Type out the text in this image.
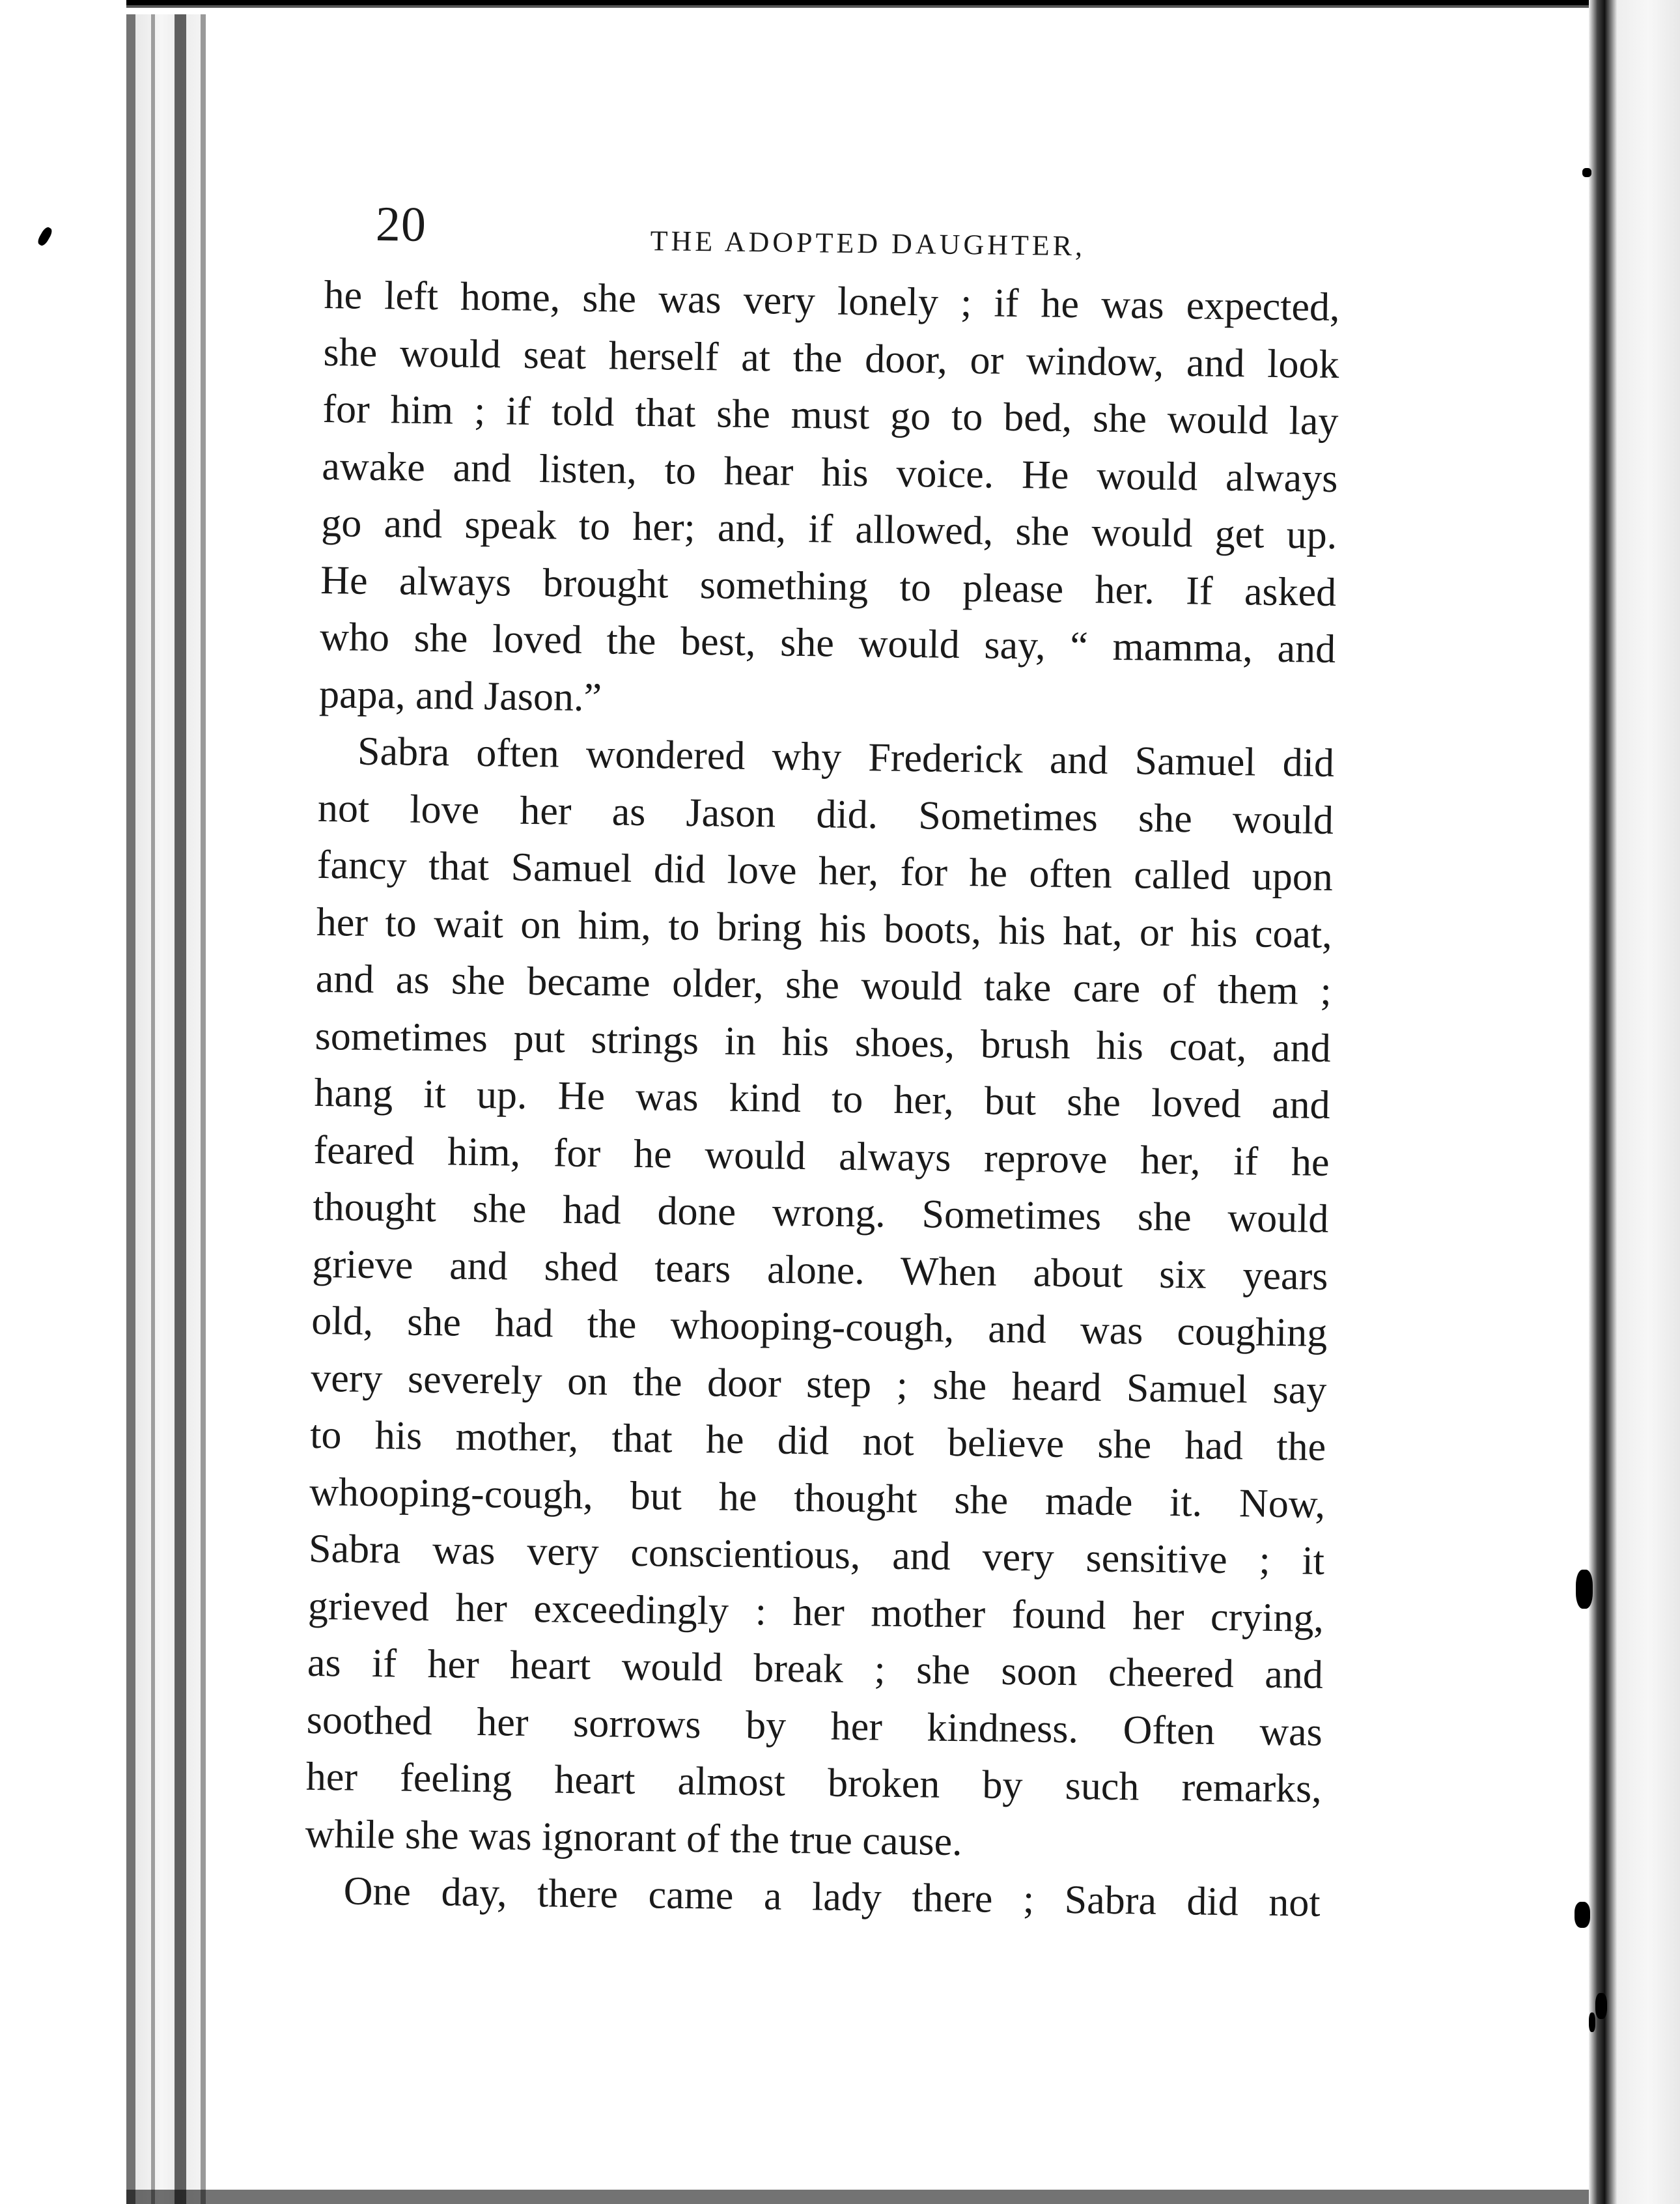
20	THE ADOPTED DAUGHTER,
he left home, she was very lonely ; if he was expected,
she would seat herself at the door, or window, and look
for him ; if told that she must go to bed, she would lay
awake and listen, to hear his voice. He would always
go and speak to her; and, if allowed, she would get up.
He always brought something to please her. If asked
who she loved the best, she would say, “ mamma, and
papa, and Jason.”
Sabra often wondered why Frederick and Samuel did
not love her as Jason did. Sometimes she would
fancy that Samuel did love her, for he often called upon
her to wait on him, to bring his boots, his hat, or his coat,
and as she became older, she would take care of them ;
sometimes put strings in his shoes, brush his coat, and
hang it up. He was kind to her, but she loved and
feared him, for he would always reprove her, if he
thought she had done wrong. Sometimes she would
grieve and shed tears alone. When about six years
old, she had the whooping-cough, and was coughing
very severely on the door step ; she heard Samuel say
to his mother, that he did not believe she had the
whooping-cough, but he thought she made it. Now,
Sabra was very conscientious, and very sensitive ; it
grieved her exceedingly : her mother found her crying,
as if her heart would break ; she soon cheered and
soothed her sorrows by her kindness. Often was
her feeling heart almost broken by such remarks,
while she was ignorant of the true cause.
One day, there came a lady there ; Sabra did not
